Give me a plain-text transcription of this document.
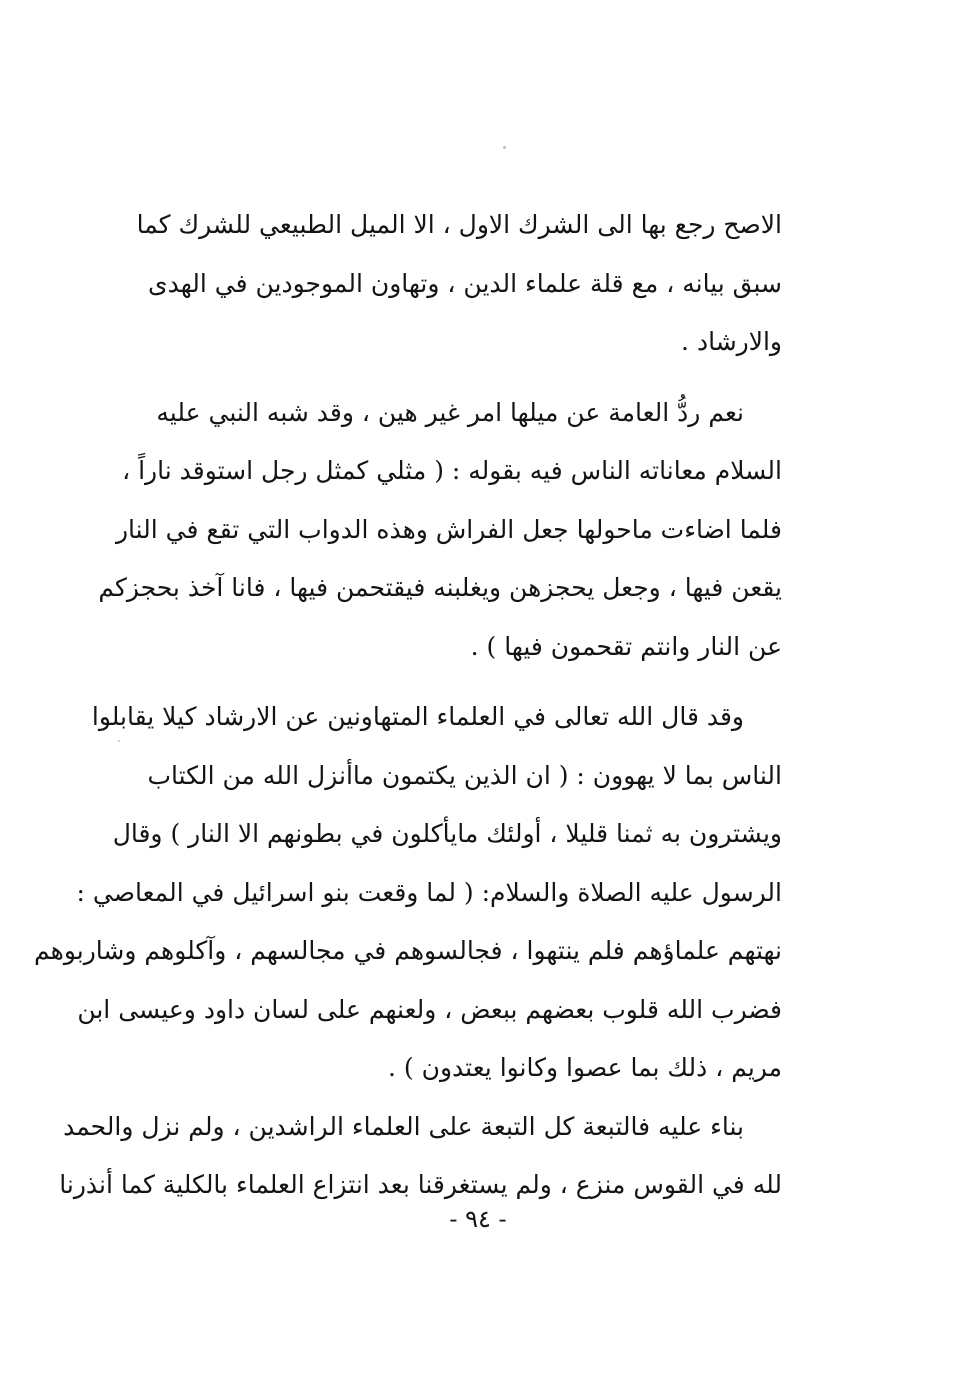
الاصح رجع بها الى الشرك الاول ، الا الميل الطبيعي للشرك كما
سبق بيانه ، مع قلة علماء الدين ، وتهاون الموجودين في الهدى
والارشاد .
نعم ردُّ العامة عن ميلها امر غير هين ، وقد شبه النبي عليه
السلام معاناته الناس فيه بقوله : ( مثلي كمثل رجل استوقد ناراً ،
فلما اضاءت ماحولها جعل الفراش وهذه الدواب التي تقع في النار
يقعن فيها ، وجعل يحجزهن ويغلبنه فيقتحمن فيها ، فانا آخذ بحجزكم
عن النار وانتم تقحمون فيها ) .
وقد قال الله تعالى في العلماء المتهاونين عن الارشاد كيلا يقابلوا
الناس بما لا يهوون : ( ان الذين يكتمون ماأنزل الله من الكتاب
ويشترون به ثمنا قليلا ، أولئك مايأكلون في بطونهم الا النار ) وقال
الرسول عليه الصلاة والسلام: ( لما وقعت بنو اسرائيل في المعاصي :
نهتهم علماؤهم فلم ينتهوا ، فجالسوهم في مجالسهم ، وآكلوهم وشاربوهم
فضرب الله قلوب بعضهم ببعض ، ولعنهم على لسان داود وعيسى ابن
مريم ، ذلك بما عصوا وكانوا يعتدون ) .
بناء عليه فالتبعة كل التبعة على العلماء الراشدين ، ولم نزل والحمد
لله في القوس منزع ، ولم يستغرقنا بعد انتزاع العلماء بالكلية كما أنذرنا
- ٩٤ -
